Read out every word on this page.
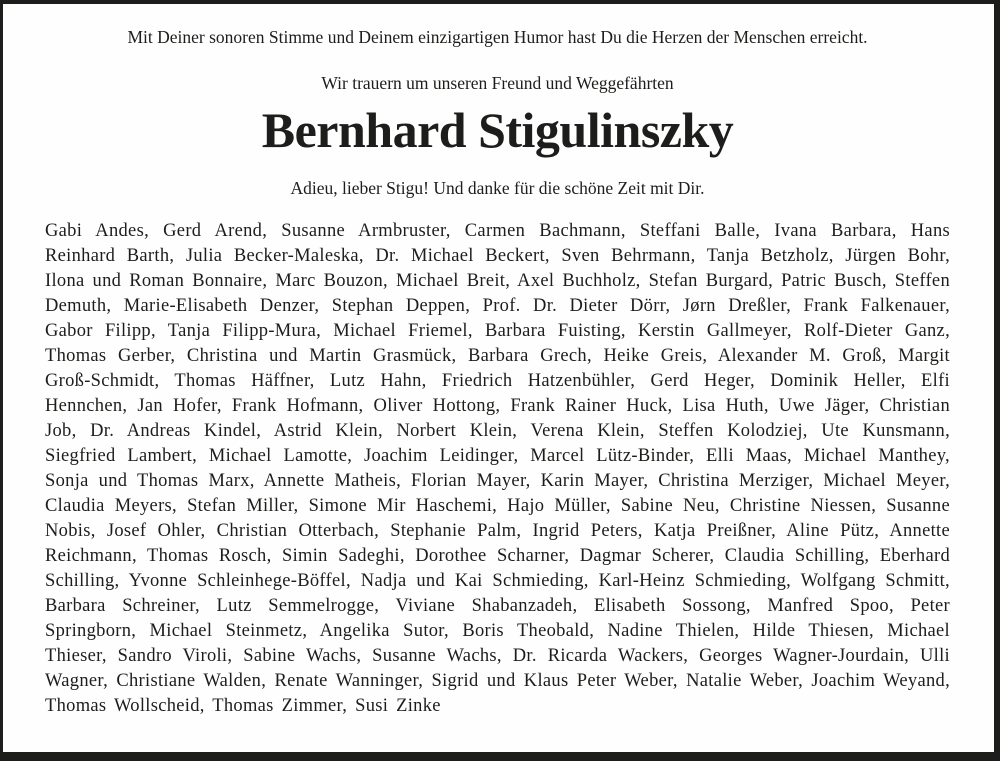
Mit Deiner sonoren Stimme und Deinem einzigartigen Humor hast Du die Herzen der Menschen erreicht.

Wir trauern um unseren Freund und Weggefährten

Bernhard Stigulinszky

Adieu, lieber Stigu! Und danke für die schöne Zeit mit Dir.

Gabi Andes, Gerd Arend, Susanne Armbruster, Carmen Bachmann, Steffani Balle, Ivana Barbara, Hans Reinhard Barth, Julia Becker-Maleska, Dr. Michael Beckert, Sven Behrmann, Tanja Betzholz, Jürgen Bohr, Ilona und Roman Bonnaire, Marc Bouzon, Michael Breit, Axel Buchholz, Stefan Burgard, Patric Busch, Steffen Demuth, Marie-Elisabeth Denzer, Stephan Deppen, Prof. Dr. Dieter Dörr, Jørn Dreßler, Frank Falkenauer, Gabor Filipp, Tanja Filipp-Mura, Michael Friemel, Barbara Fuisting, Kerstin Gallmeyer, Rolf-Dieter Ganz, Thomas Gerber, Christina und Martin Grasmück, Barbara Grech, Heike Greis, Alexander M. Groß, Margit Groß-Schmidt, Thomas Häffner, Lutz Hahn, Friedrich Hatzenbühler, Gerd Heger, Dominik Heller, Elfi Hennchen, Jan Hofer, Frank Hofmann, Oliver Hottong, Frank Rainer Huck, Lisa Huth, Uwe Jäger, Christian Job, Dr. Andreas Kindel, Astrid Klein, Norbert Klein, Verena Klein, Steffen Kolodziej, Ute Kunsmann, Siegfried Lambert, Michael Lamotte, Joachim Leidinger, Marcel Lütz-Binder, Elli Maas, Michael Manthey, Sonja und Thomas Marx, Annette Matheis, Florian Mayer, Karin Mayer, Christina Merziger, Michael Meyer, Claudia Meyers, Stefan Miller, Simone Mir Haschemi, Hajo Müller, Sabine Neu, Christine Niessen, Susanne Nobis, Josef Ohler, Christian Otterbach, Stephanie Palm, Ingrid Peters, Katja Preißner, Aline Pütz, Annette Reichmann, Thomas Rosch, Simin Sadeghi, Dorothee Scharner, Dagmar Scherer, Claudia Schilling, Eberhard Schilling, Yvonne Schleinhege-Böffel, Nadja und Kai Schmieding, Karl-Heinz Schmieding, Wolfgang Schmitt, Barbara Schreiner, Lutz Semmelrogge, Viviane Shabanzadeh, Elisabeth Sossong, Manfred Spoo, Peter Springborn, Michael Steinmetz, Angelika Sutor, Boris Theobald, Nadine Thielen, Hilde Thiesen, Michael Thieser, Sandro Viroli, Sabine Wachs, Susanne Wachs, Dr. Ricarda Wackers, Georges Wagner-Jourdain, Ulli Wagner, Christiane Walden, Renate Wanninger, Sigrid und Klaus Peter Weber, Natalie Weber, Joachim Weyand, Thomas Wollscheid, Thomas Zimmer, Susi Zinke
